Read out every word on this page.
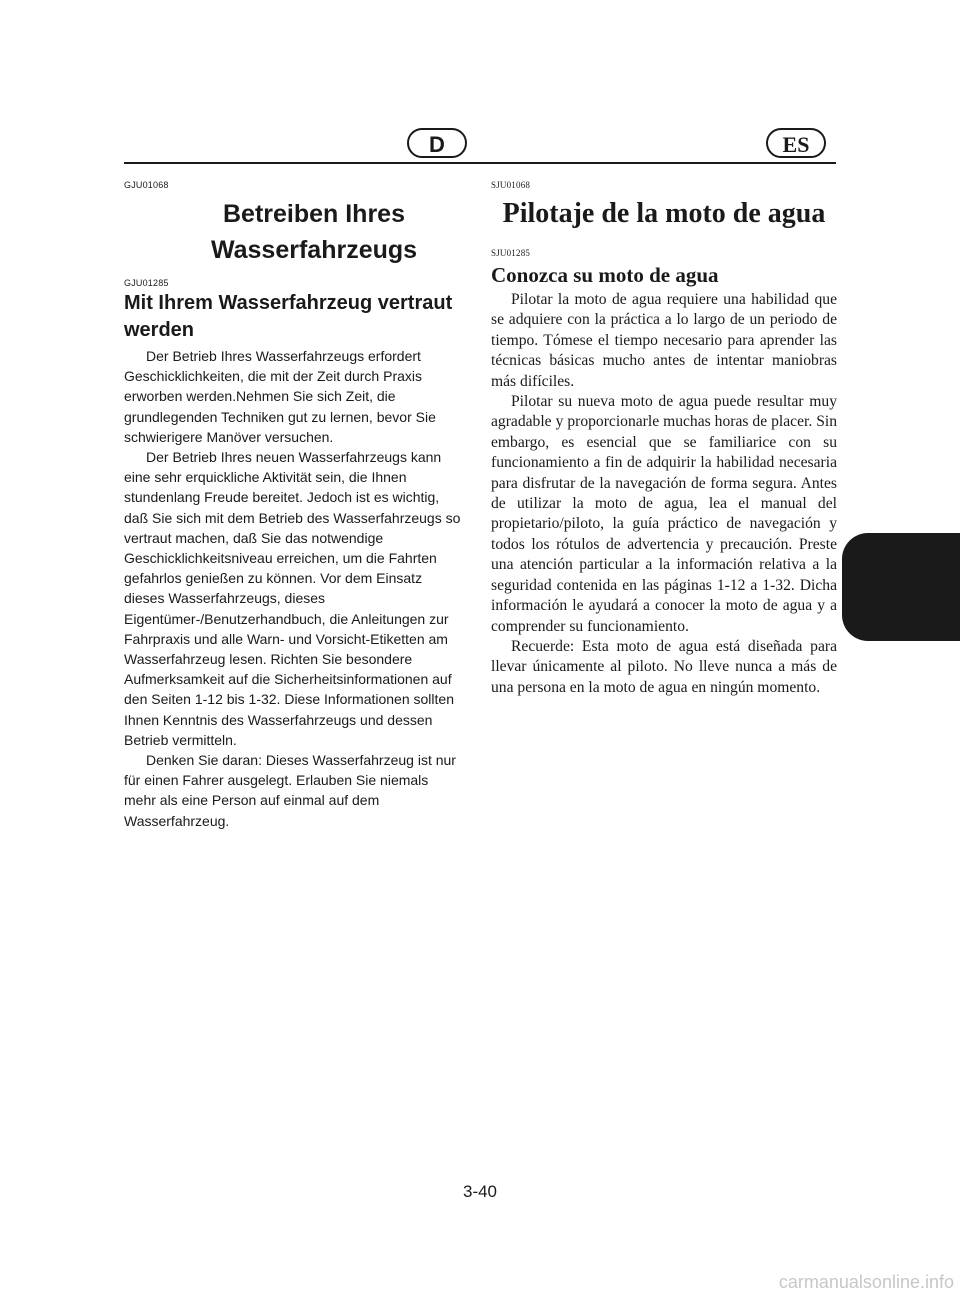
D	ES

GJU01068

Betreiben Ihres Wasserfahrzeugs

GJU01285

Mit Ihrem Wasserfahrzeug vertraut werden

Der Betrieb Ihres Wasserfahrzeugs erfordert Geschicklichkeiten, die mit der Zeit durch Praxis erworben werden.Nehmen Sie sich Zeit, die grundlegenden Techniken gut zu lernen, bevor Sie schwierigere Manöver versuchen.

Der Betrieb Ihres neuen Wasserfahrzeugs kann eine sehr erquickliche Aktivität sein, die Ihnen stundenlang Freude bereitet. Jedoch ist es wichtig, daß Sie sich mit dem Betrieb des Wasserfahrzeugs so vertraut machen, daß Sie das notwendige Geschicklichkeitsniveau erreichen, um die Fahrten gefahrlos genießen zu können. Vor dem Einsatz dieses Wasserfahrzeugs, dieses Eigentümer-/Benutzerhandbuch, die Anleitungen zur Fahrpraxis und alle Warn- und Vorsicht-Etiketten am Wasserfahrzeug lesen. Richten Sie besondere Aufmerksamkeit auf die Sicherheitsinformationen auf den Seiten 1-12 bis 1-32. Diese Informationen sollten Ihnen Kenntnis des Wasserfahrzeugs und dessen Betrieb vermitteln.

Denken Sie daran: Dieses Wasserfahrzeug ist nur für einen Fahrer ausgelegt. Erlauben Sie niemals mehr als eine Person auf einmal auf dem Wasserfahrzeug.

SJU01068

Pilotaje de la moto de agua

SJU01285

Conozca su moto de agua

Pilotar la moto de agua requiere una habilidad que se adquiere con la práctica a lo largo de un periodo de tiempo. Tómese el tiempo necesario para aprender las técnicas básicas mucho antes de intentar maniobras más difíciles.

Pilotar su nueva moto de agua puede resultar muy agradable y proporcionarle muchas horas de placer. Sin embargo, es esencial que se familiarice con su funcionamiento a fin de adquirir la habilidad necesaria para disfrutar de la navegación de forma segura. Antes de utilizar la moto de agua, lea el manual del propietario/piloto, la guía práctico de navegación y todos los rótulos de advertencia y precaución. Preste una atención particular a la información relativa a la seguridad contenida en las páginas 1-12 a 1-32. Dicha información le ayudará a conocer la moto de agua y a comprender su funcionamiento.

Recuerde: Esta moto de agua está diseñada para llevar únicamente al piloto. No lleve nunca a más de una persona en la moto de agua en ningún momento.

3-40
carmanualsonline.info
